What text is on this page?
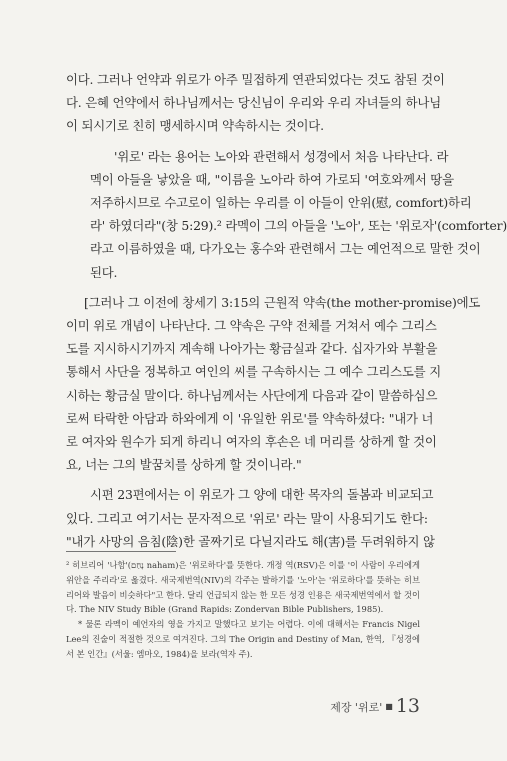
이다. 그러나 언약과 위로가 아주 밀접하게 연관되었다는 것도 참된 것이
다. 은혜 언약에서 하나님께서는 당신님이 우리와 우리 자녀들의 하나님
이 되시기로 친히 맹세하시며 약속하시는 것이다.

'위로' 라는 용어는 노아와 관련해서 성경에서 처음 나타난다. 라
멕이 아들을 낳았을 때, "이름을 노아라 하여 가로되 '여호와께서 땅을
저주하시므로 수고로이 일하는 우리를 이 아들이 안위(慰, comfort)하리
라' 하였더라"(창 5:29).² 라멕이 그의 아들을 '노아', 또는 '위로자'(comforter)
라고 이름하였을 때, 다가오는 홍수와 관련해서 그는 예언적으로 말한 것이
된다.

[그러나 그 이전에 창세기 3:15의 근원적 약속(the mother-promise)에도
이미 위로 개념이 나타난다. 그 약속은 구약 전체를 거쳐서 예수 그리스
도를 지시하시기까지 계속해 나아가는 황금실과 같다. 십자가와 부활을
통해서 사단을 정복하고 여인의 씨를 구속하시는 그 예수 그리스도를 지
시하는 황금실 말이다. 하나님께서는 사단에게 다음과 같이 말씀하심으
로써 타락한 아담과 하와에게 이 '유일한 위로'를 약속하셨다: "내가 너
로 여자와 원수가 되게 하리니 여자의 후손은 네 머리를 상하게 할 것이
요, 너는 그의 발꿈치를 상하게 할 것이니라."

시편 23편에서는 이 위로가 그 양에 대한 목자의 돌봄과 비교되고
있다. 그리고 여기서는 문자적으로 '위로' 라는 말이 사용되기도 한다:
"내가 사망의 음침(陰)한 골짜기로 다닐지라도 해(害)를 두려워하지 않

² 히브리어 '나함'(נָחַם naham)은 '위로하다'를 뜻한다. 개정 역(RSV)은 이를 '이 사람이 우리에게 위안을 주리라'로 옮겼다. 새국제번역(NIV)의 각주는 발하기를 '노아'는 '위로하다'를 뜻하는 히브리어와 발음이 비슷하다"고 한다. 달리 언급되지 않는 한 모든 성경 인용은 새국제번역에서 할 것이다. The NIV Study Bible (Grand Rapids: Zondervan Bible Publishers, 1985).

* 물론 라멕이 예언자의 영을 가지고 말했다고 보기는 어렵다. 이에 대해서는 Francis Nigel Lee의 진술이 적절한 것으로 여겨진다. 그의 The Origin and Destiny of Man, 한역, 『성경에서 본 인간』(서울: 엠마오, 1984)을 보라(역자 주).

제장 '위로' ■ 13
